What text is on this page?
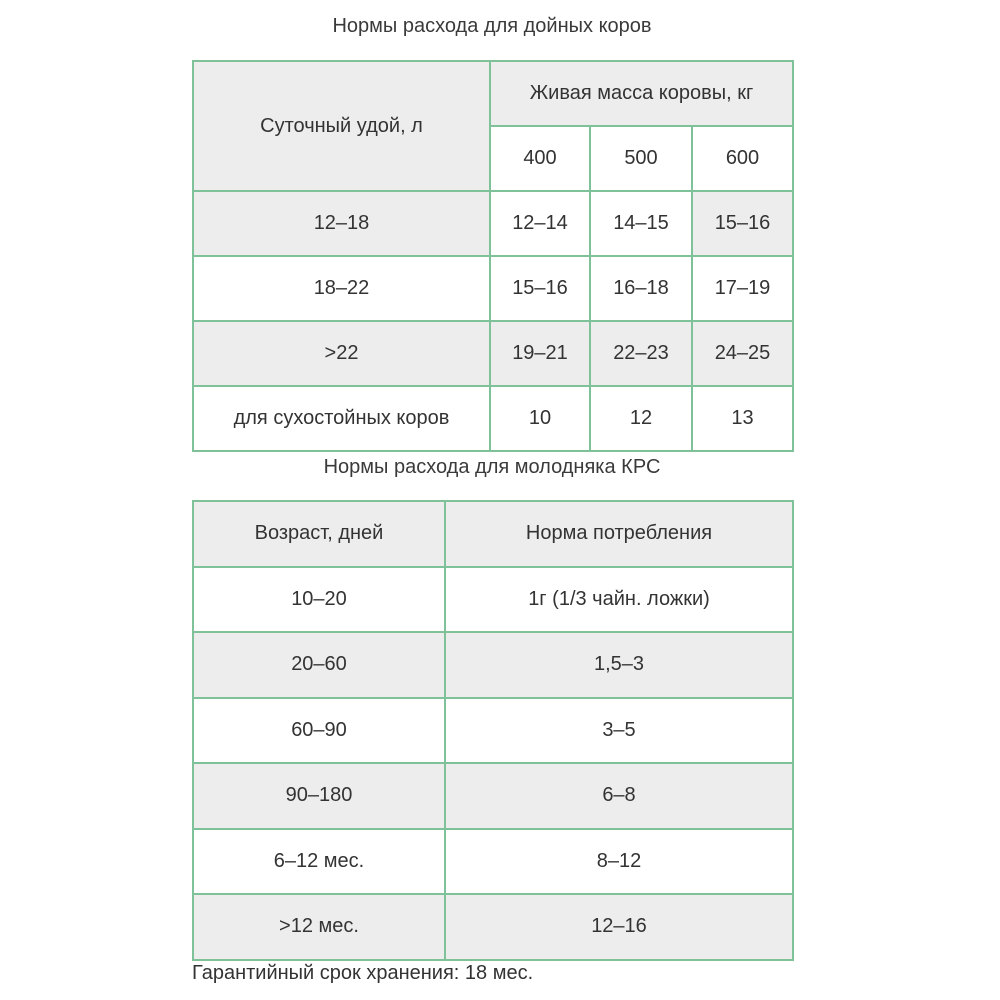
Нормы расхода для дойных коров
Суточный удой, л	Живая масса коровы, кг		
	400	500	600
12–18	12–14	14–15	15–16
18–22	15–16	16–18	17–19
>22	19–21	22–23	24–25
для сухостойных коров	10	12	13
Нормы расхода для молодняка КРС
Возраст, дней	Норма потребления
10–20	1г (1/3 чайн. ложки)
20–60	1,5–3
60–90	3–5
90–180	6–8
6–12 мес.	8–12
>12 мес.	12–16
Гарантийный срок хранения: 18 мес.
